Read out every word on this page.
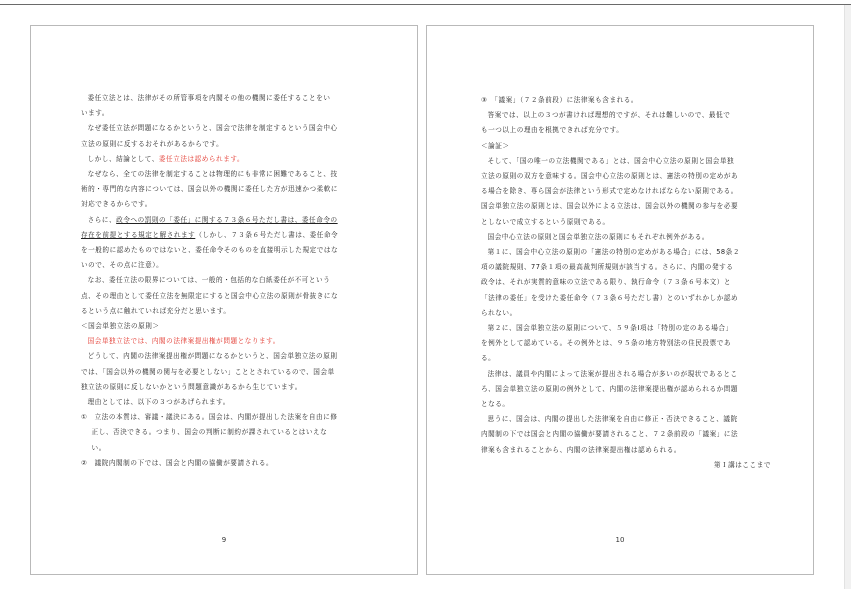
委任立法とは、法律がその所管事項を内閣その他の機関に委任することをい

います。

なぜ委任立法が問題になるかというと、国会で法律を制定するという国会中心

立法の原則に反するおそれがあるからです。

しかし、結論として、委任立法は認められます。

なぜなら、全ての法律を制定することは物理的にも非常に困難であること、技

術的・専門的な内容については、国会以外の機関に委任した方が迅速かつ柔軟に

対応できるからです。

さらに、政令への罰則の「委任」に関する７３条６号ただし書は、委任命令の

存在を前提とする規定と解されます（しかし、７３条６号ただし書は、委任命令

を一般的に認めたものではないと、委任命令そのものを直接明示した規定ではな

いので、その点に注意）。

なお、委任立法の限界については、一般的・包括的な白紙委任が不可という

点、その理由として委任立法を無限定にすると国会中心立法の原則が骨抜きにな

るという点に触れていれば充分だと思います。

＜国会単独立法の原則＞

国会単独立法では、内閣の法律案提出権が問題となります。

どうして、内閣の法律案提出権が問題になるかというと、国会単独立法の原則

では、「国会以外の機関の関与を必要としない」こととされているので、国会単

独立法の原則に反しないかという問題意識があるから生じています。

理由としては、以下の３つがあげられます。

①　立法の本質は、審議・議決にある。国会は、内閣が提出した法案を自由に修

正し、否決できる。つまり、国会の判断に制約が課されているとはいえな

い。

②　議院内閣制の下では、国会と内閣の協働が要請される。

9

③　「議案」（７２条前段）に法律案も含まれる。

答案では、以上の３つが書ければ理想的ですが、それは難しいので、最低で

も一つ以上の理由を根拠できれば充分です。

＜論証＞

そして、「国の唯一の立法機関である」とは、国会中心立法の原則と国会単独

立法の原則の双方を意味する。国会中心立法の原則とは、憲法の特別の定めがあ

る場合を除き、専ら国会が法律という形式で定めなければならない原則である。

国会単独立法の原則とは、国会以外による立法は、国会以外の機関の参与を必要

としないで成立するという原則である。

国会中心立法の原則と国会単独立法の原則にもそれぞれ例外がある。

第１に、国会中心立法の原則の「憲法の特別の定めがある場合」には、58条２

項の議院規則、77条１項の最高裁判所規則が該当する。さらに、内閣の発する

政令は、それが実質的意味の立法である限り、執行命令（７３条６号本文）と

「法律の委任」を受けた委任命令（７３条６号ただし書）とのいずれかしか認め

られない。

第２に、国会単独立法の原則について、５９条Ⅰ項は「特別の定のある場合」

を例外として認めている。その例外とは、９５条の地方特別法の住民投票であ

る。

法律は、議員や内閣によって法案が提出される場合が多いのが現状であるとこ

ろ、国会単独立法の原則の例外として、内閣の法律案提出権が認められるか問題

となる。

思うに、国会は、内閣の提出した法律案を自由に修正・否決できること、議院

内閣制の下では国会と内閣の協働が要請されること、７２条前段の「議案」に法

律案も含まれることから、内閣の法律案提出権は認められる。

第Ｉ講はここまで

10
